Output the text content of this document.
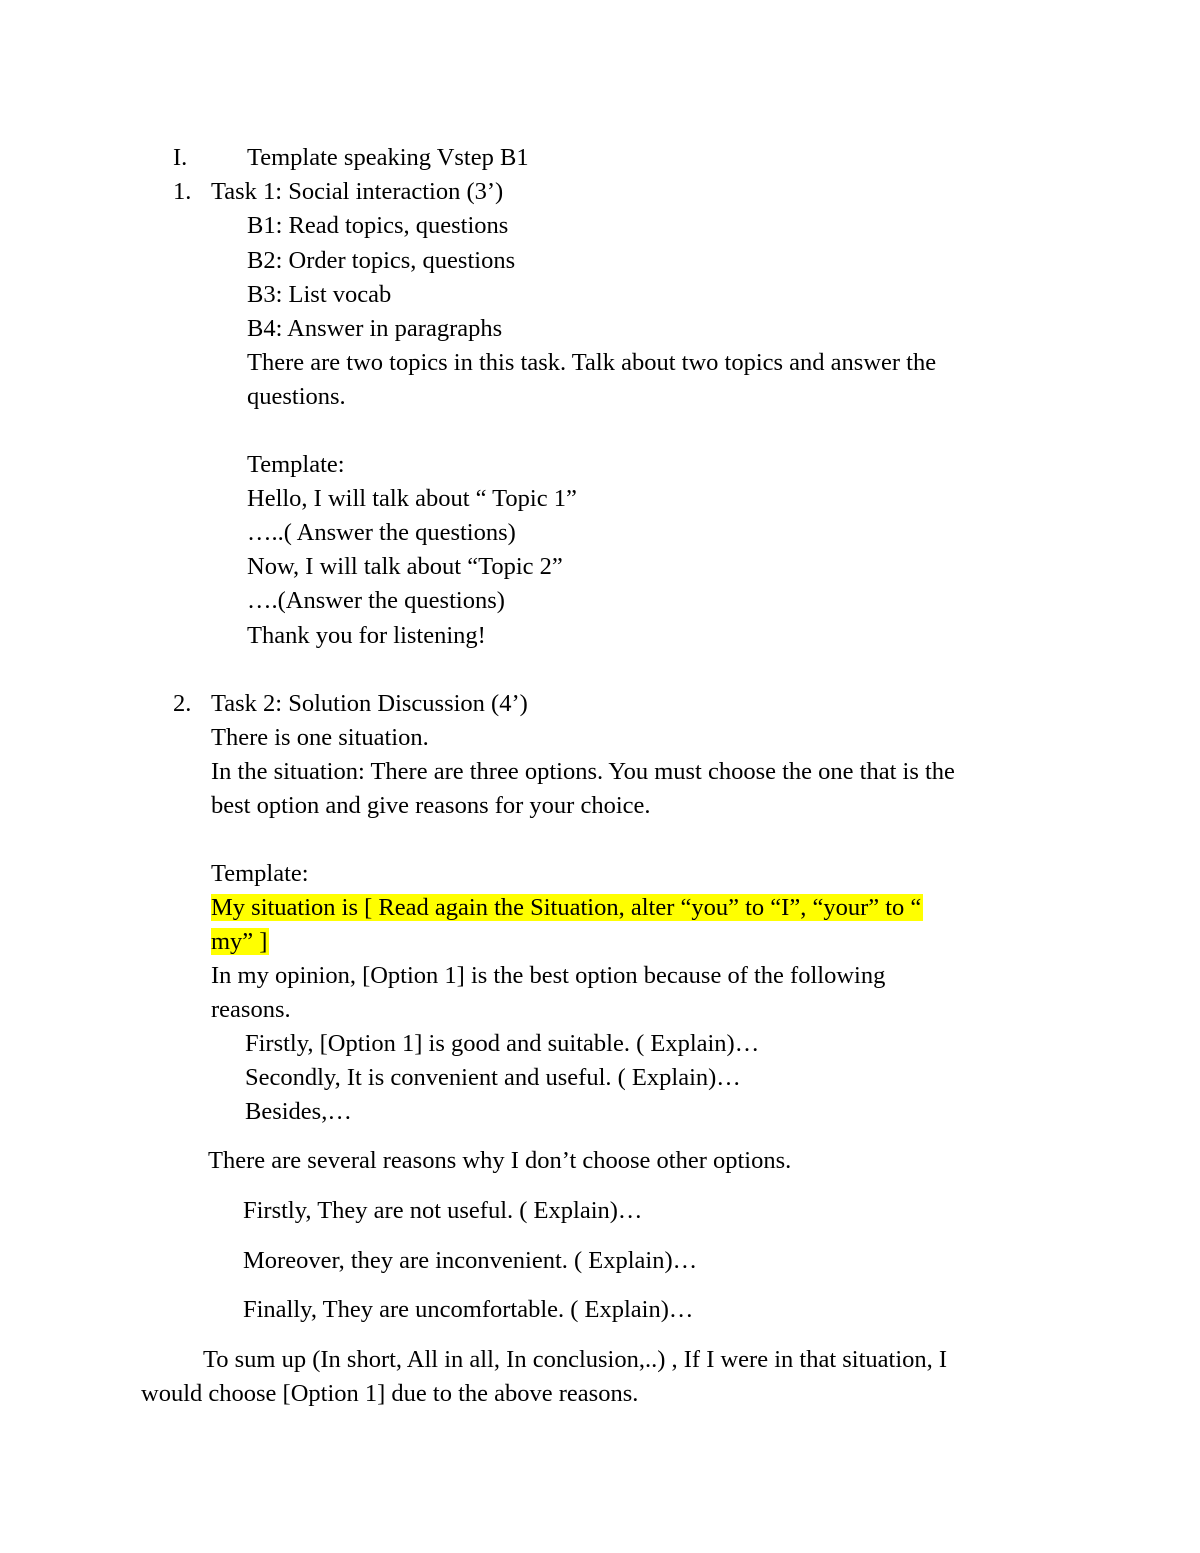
I. Template speaking Vstep B1
1. Task 1: Social interaction (3’)
B1: Read topics, questions
B2: Order topics, questions
B3: List vocab
B4: Answer in paragraphs
There are two topics in this task. Talk about two topics and answer the
questions.
Template:
Hello, I will talk about “ Topic 1”
…..( Answer the questions)
Now, I will talk about “Topic 2”
….(Answer the questions)
Thank you for listening!
2. Task 2: Solution Discussion (4’)
There is one situation.
In the situation: There are three options. You must choose the one that is the
best option and give reasons for your choice.
Template:
My situation is [ Read again the Situation, alter “you” to “I”, “your” to “
my” ]
In my opinion, [Option 1] is the best option because of the following
reasons.
Firstly, [Option 1] is good and suitable. ( Explain)…
Secondly, It is convenient and useful. ( Explain)…
Besides,…
There are several reasons why I don’t choose other options.
Firstly, They are not useful. ( Explain)…
Moreover, they are inconvenient. ( Explain)…
Finally, They are uncomfortable. ( Explain)…
To sum up (In short, All in all, In conclusion,..) , If I were in that situation, I
would choose [Option 1] due to the above reasons.
